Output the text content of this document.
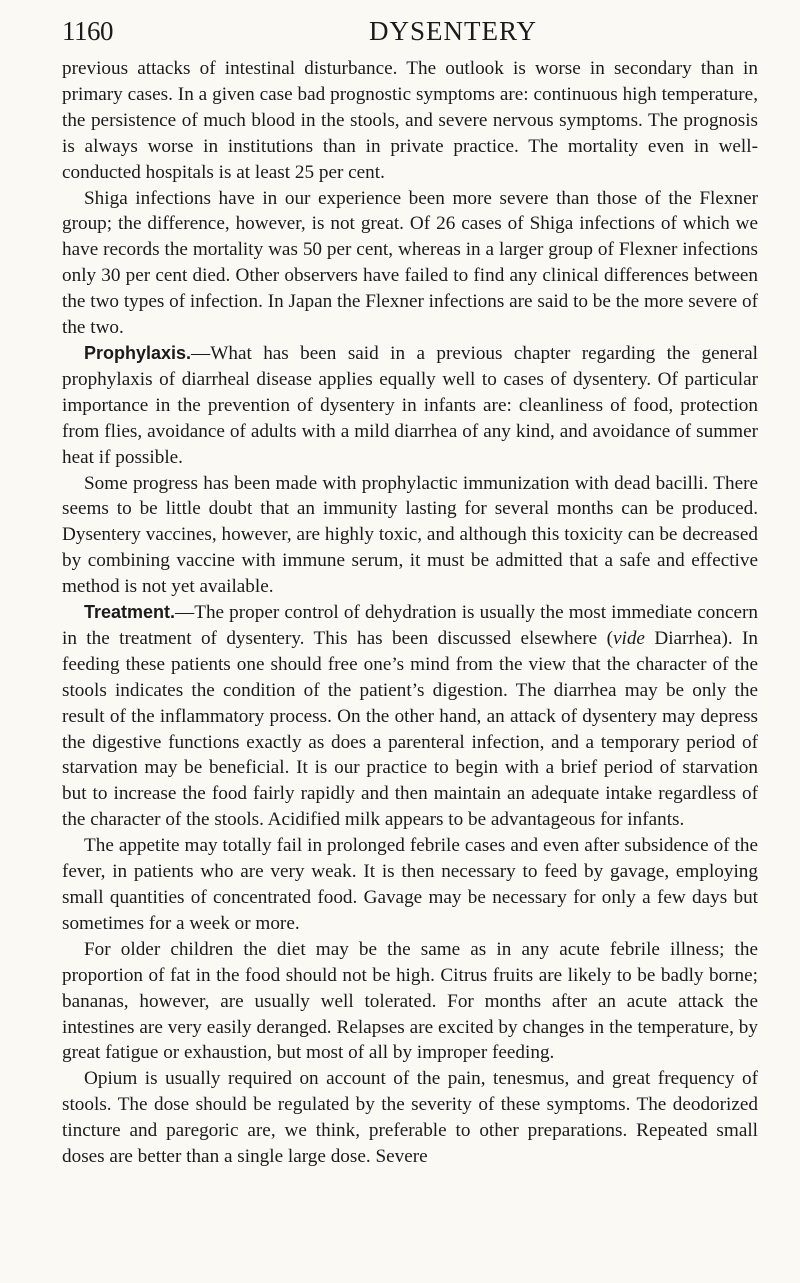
1160	DYSENTERY

previous attacks of intestinal disturbance. The outlook is worse in secondary than in primary cases. In a given case bad prognostic symptoms are: continuous high temperature, the persistence of much blood in the stools, and severe nervous symptoms. The prognosis is always worse in institutions than in private practice. The mortality even in well-conducted hospitals is at least 25 per cent.

Shiga infections have in our experience been more severe than those of the Flexner group; the difference, however, is not great. Of 26 cases of Shiga infections of which we have records the mortality was 50 per cent, whereas in a larger group of Flexner infections only 30 per cent died. Other observers have failed to find any clinical differences between the two types of infection. In Japan the Flexner infections are said to be the more severe of the two.

Prophylaxis.—What has been said in a previous chapter regarding the general prophylaxis of diarrheal disease applies equally well to cases of dysentery. Of particular importance in the prevention of dysentery in infants are: cleanliness of food, protection from flies, avoidance of adults with a mild diarrhea of any kind, and avoidance of summer heat if possible.

Some progress has been made with prophylactic immunization with dead bacilli. There seems to be little doubt that an immunity lasting for several months can be produced. Dysentery vaccines, however, are highly toxic, and although this toxicity can be decreased by combining vaccine with immune serum, it must be admitted that a safe and effective method is not yet available.

Treatment.—The proper control of dehydration is usually the most immediate concern in the treatment of dysentery. This has been discussed elsewhere (vide Diarrhea). In feeding these patients one should free one’s mind from the view that the character of the stools indicates the condition of the patient’s digestion. The diarrhea may be only the result of the inflammatory process. On the other hand, an attack of dysentery may depress the digestive functions exactly as does a parenteral infection, and a temporary period of starvation may be beneficial. It is our practice to begin with a brief period of starvation but to increase the food fairly rapidly and then maintain an adequate intake regardless of the character of the stools. Acidified milk appears to be advantageous for infants.

The appetite may totally fail in prolonged febrile cases and even after subsidence of the fever, in patients who are very weak. It is then necessary to feed by gavage, employing small quantities of concentrated food. Gavage may be necessary for only a few days but sometimes for a week or more.

For older children the diet may be the same as in any acute febrile illness; the proportion of fat in the food should not be high. Citrus fruits are likely to be badly borne; bananas, however, are usually well tolerated. For months after an acute attack the intestines are very easily deranged. Relapses are excited by changes in the temperature, by great fatigue or exhaustion, but most of all by improper feeding.

Opium is usually required on account of the pain, tenesmus, and great frequency of stools. The dose should be regulated by the severity of these symptoms. The deodorized tincture and paregoric are, we think, preferable to other preparations. Repeated small doses are better than a single large dose. Severe
